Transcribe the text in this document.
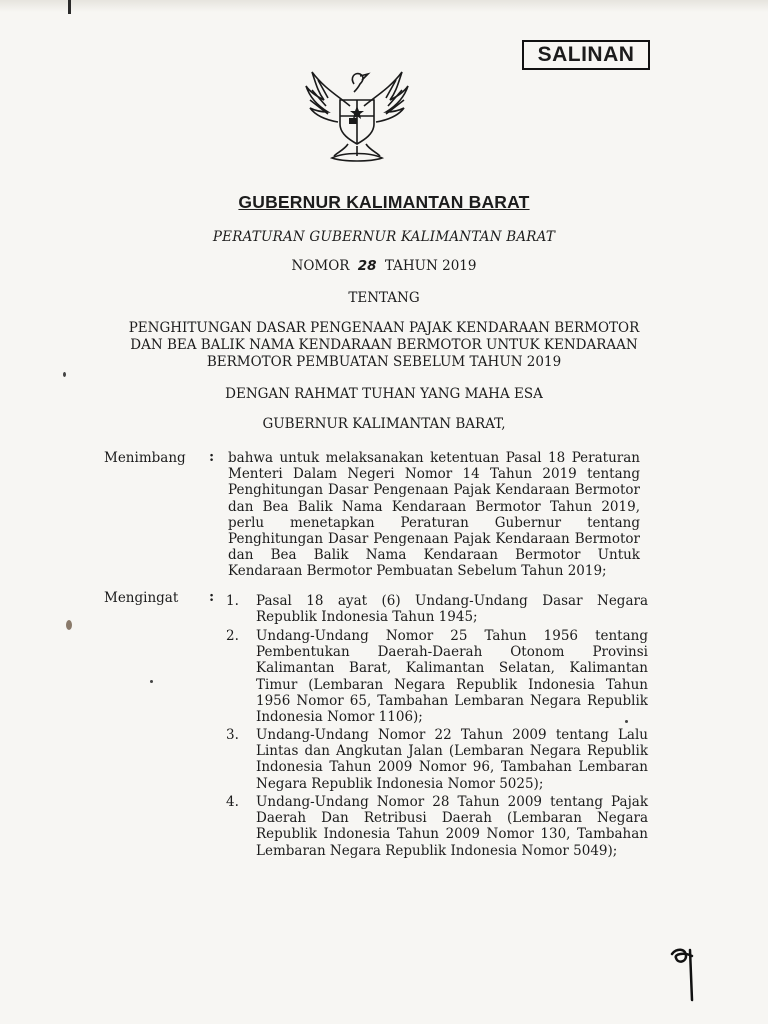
SALINAN
GUBERNUR KALIMANTAN BARAT
PERATURAN GUBERNUR KALIMANTAN BARAT
NOMOR 28 TAHUN 2019
TENTANG
PENGHITUNGAN DASAR PENGENAAN PAJAK KENDARAAN BERMOTOR
DAN BEA BALIK NAMA KENDARAAN BERMOTOR UNTUK KENDARAAN
BERMOTOR PEMBUATAN SEBELUM TAHUN 2019
DENGAN RAHMAT TUHAN YANG MAHA ESA
GUBERNUR KALIMANTAN BARAT,
Menimbang : bahwa untuk melaksanakan ketentuan Pasal 18 Peraturan Menteri Dalam Negeri Nomor 14 Tahun 2019 tentang Penghitungan Dasar Pengenaan Pajak Kendaraan Bermotor dan Bea Balik Nama Kendaraan Bermotor Tahun 2019, perlu menetapkan Peraturan Gubernur tentang Penghitungan Dasar Pengenaan Pajak Kendaraan Bermotor dan Bea Balik Nama Kendaraan Bermotor Untuk Kendaraan Bermotor Pembuatan Sebelum Tahun 2019;
Mengingat : 1.	Pasal 18 ayat (6) Undang-Undang Dasar Negara Republik Indonesia Tahun 1945;
2.	Undang-Undang Nomor 25 Tahun 1956 tentang Pembentukan Daerah-Daerah Otonom Provinsi Kalimantan Barat, Kalimantan Selatan, Kalimantan Timur (Lembaran Negara Republik Indonesia Tahun 1956 Nomor 65, Tambahan Lembaran Negara Republik Indonesia Nomor 1106);
3.	Undang-Undang Nomor 22 Tahun 2009 tentang Lalu Lintas dan Angkutan Jalan (Lembaran Negara Republik Indonesia Tahun 2009 Nomor 96, Tambahan Lembaran Negara Republik Indonesia Nomor 5025);
4.	Undang-Undang Nomor 28 Tahun 2009 tentang Pajak Daerah Dan Retribusi Daerah (Lembaran Negara Republik Indonesia Tahun 2009 Nomor 130, Tambahan Lembaran Negara Republik Indonesia Nomor 5049);
